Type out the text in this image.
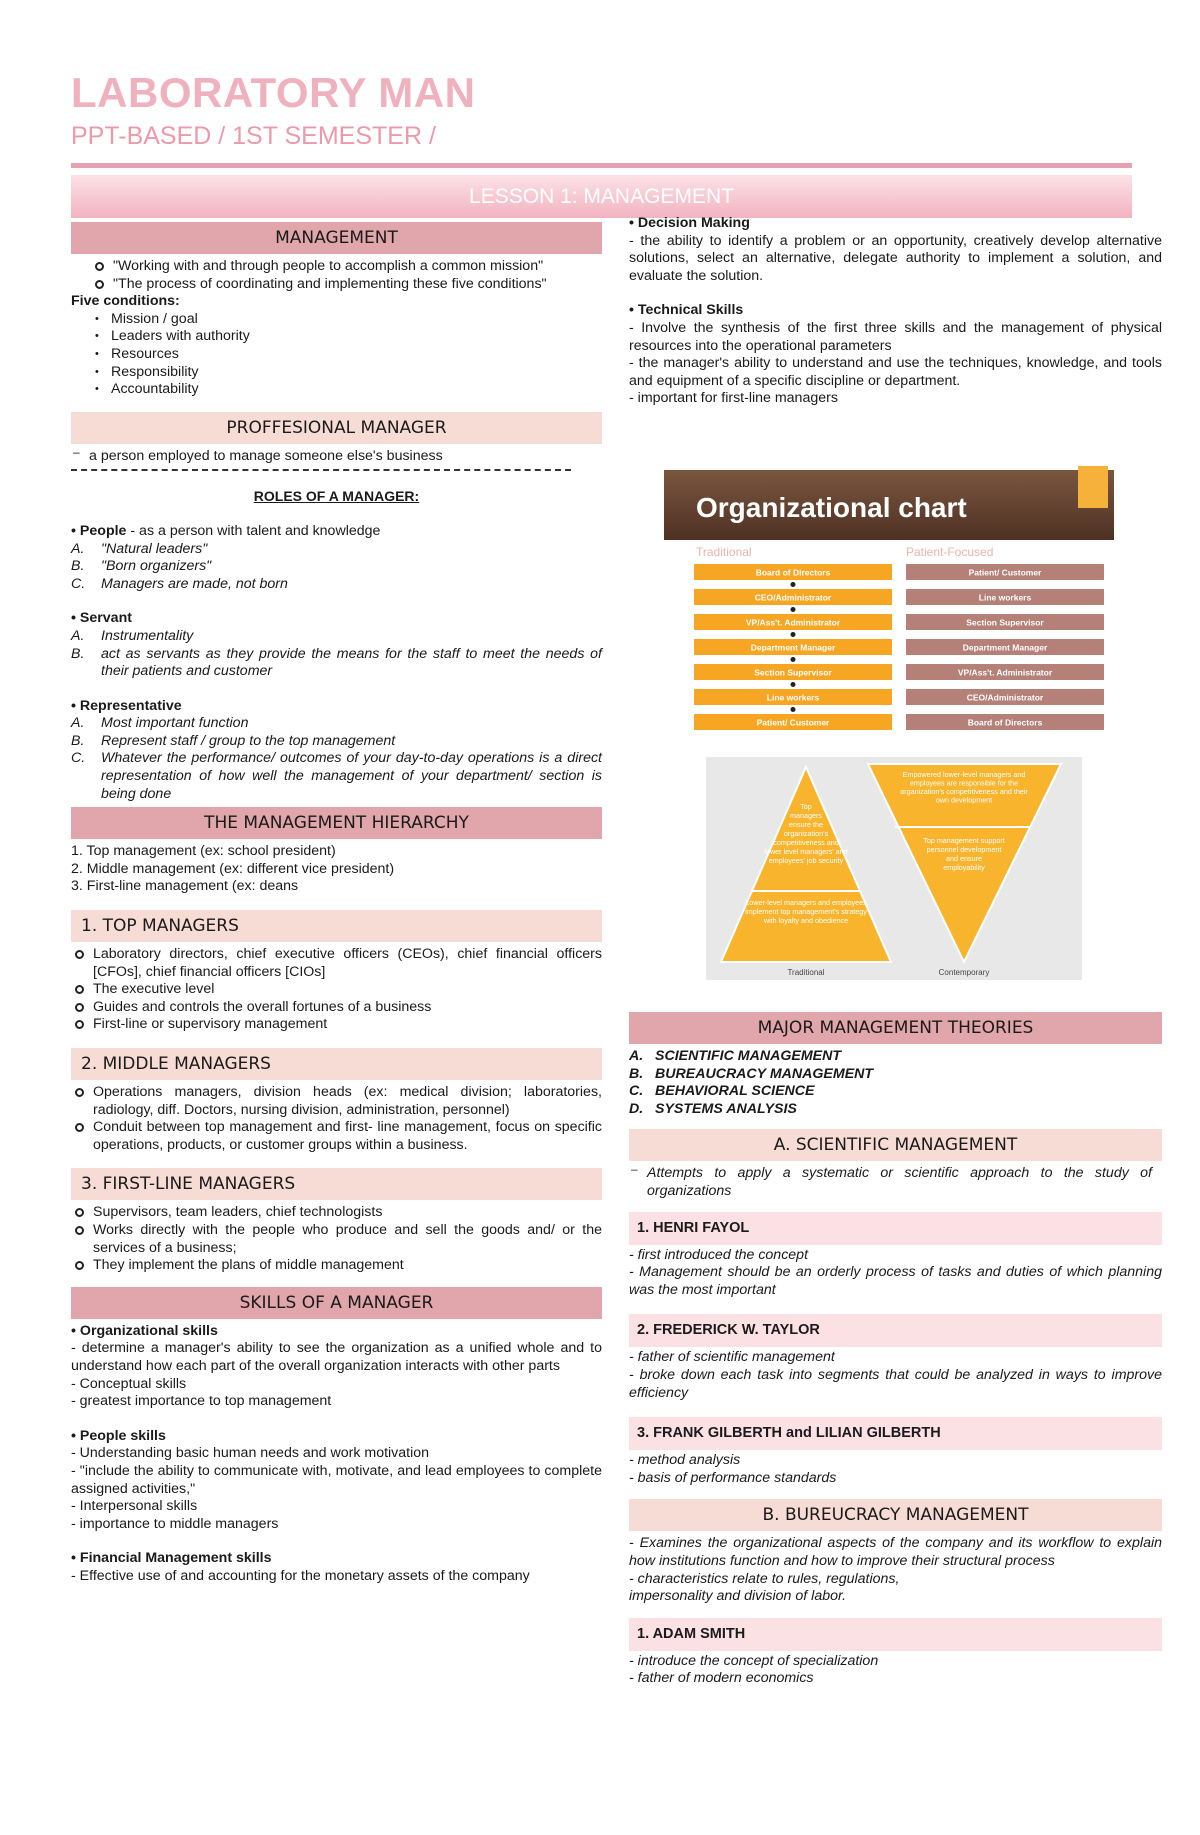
LABORATORY MAN
PPT-BASED / 1ST SEMESTER /
LESSON 1: MANAGEMENT
MANAGEMENT
"Working with and through people to accomplish a common mission"
"The process of coordinating and implementing these five conditions"

Five conditions:

• Mission / goal
• Leaders with authority
• Resources
• Responsibility
• Accountability
PROFFESIONAL MANAGER

– a person employed to manage someone else's business

ROLES OF A MANAGER:

• People - as a person with talent and knowledge

A. "Natural leaders"
B. "Born organizers"
C. Managers are made, not born

• Servant

A. Instrumentality
B. act as servants as they provide the means for the staff to meet the needs of their patients and customer

• Representative

A. Most important function
B. Represent staff / group to the top management
C. Whatever the performance/ outcomes of your day-to-day operations is a direct representation of how well the management of your department/ section is being done
THE MANAGEMENT HIERARCHY

1. Top management (ex: school president)

2. Middle management (ex: different vice president)

3. First-line management (ex: deans

1. TOP MANAGERS
Laboratory directors, chief executive officers (CEOs), chief financial officers [CFOs], chief financial officers [CIOs]
The executive level
Guides and controls the overall fortunes of a business
First-line or supervisory management
2. MIDDLE MANAGERS
Operations managers, division heads (ex: medical division; laboratories, radiology, diff. Doctors, nursing division, administration, personnel)
Conduit between top management and first- line management, focus on specific operations, products, or customer groups within a business.
3. FIRST-LINE MANAGERS
Supervisors, team leaders, chief technologists
Works directly with the people who produce and sell the goods and/ or the services of a business;
They implement the plans of middle management
SKILLS OF A MANAGER

• Organizational skills

- determine a manager's ability to see the organization as a unified whole and to understand how each part of the overall organization interacts with other parts

- Conceptual skills

- greatest importance to top management

• People skills

- Understanding basic human needs and work motivation

- "include the ability to communicate with, motivate, and lead employees to complete assigned activities,"

- Interpersonal skills

- importance to middle managers

• Financial Management skills

- Effective use of and accounting for the monetary assets of the company

• Decision Making

- the ability to identify a problem or an opportunity, creatively develop alternative solutions, select an alternative, delegate authority to implement a solution, and evaluate the solution.

• Technical Skills

- Involve the synthesis of the first three skills and the management of physical resources into the operational parameters

- the manager's ability to understand and use the techniques, knowledge, and tools and equipment of a specific discipline or department.

- important for first-line managers

Organizational chart
Traditional	Patient-Focused
Board of Directors
CEO/Administrator
VP/Ass't. Administrator
Department Manager
Section Supervisor
Line workers
Patient/ Customer
Patient/ Customer
Line workers
Section Supervisor
Department Manager
VP/Ass't. Administrator
CEO/Administrator
Board of Directors
Top managers ensure the organization's competitiveness and lower level managers' and employees' job security
Lower-level managers and employees implement top management's strategy with loyalty and obedience
Empowered lower-level managers and employees are responsible for the organization's competitiveness and their own development
Top management support personnel development and ensure employability
Traditional	Contemporary
MAJOR MANAGEMENT THEORIES
A. SCIENTIFIC MANAGEMENT
B. BUREAUCRACY MANAGEMENT
C. BEHAVIORAL SCIENCE
D. SYSTEMS ANALYSIS
A. SCIENTIFIC MANAGEMENT

– Attempts to apply a systematic or scientific approach to the study of organizations

1. HENRI FAYOL

- first introduced the concept

- Management should be an orderly process of tasks and duties of which planning was the most important

2. FREDERICK W. TAYLOR

- father of scientific management

- broke down each task into segments that could be analyzed in ways to improve efficiency

3. FRANK GILBERTH and LILIAN GILBERTH

- method analysis

- basis of performance standards

B. BUREUCRACY MANAGEMENT

- Examines the organizational aspects of the company and its workflow to explain how institutions function and how to improve their structural process

- characteristics relate to rules, regulations, impersonality and division of labor.

1. ADAM SMITH

- introduce the concept of specialization

- father of modern economics
